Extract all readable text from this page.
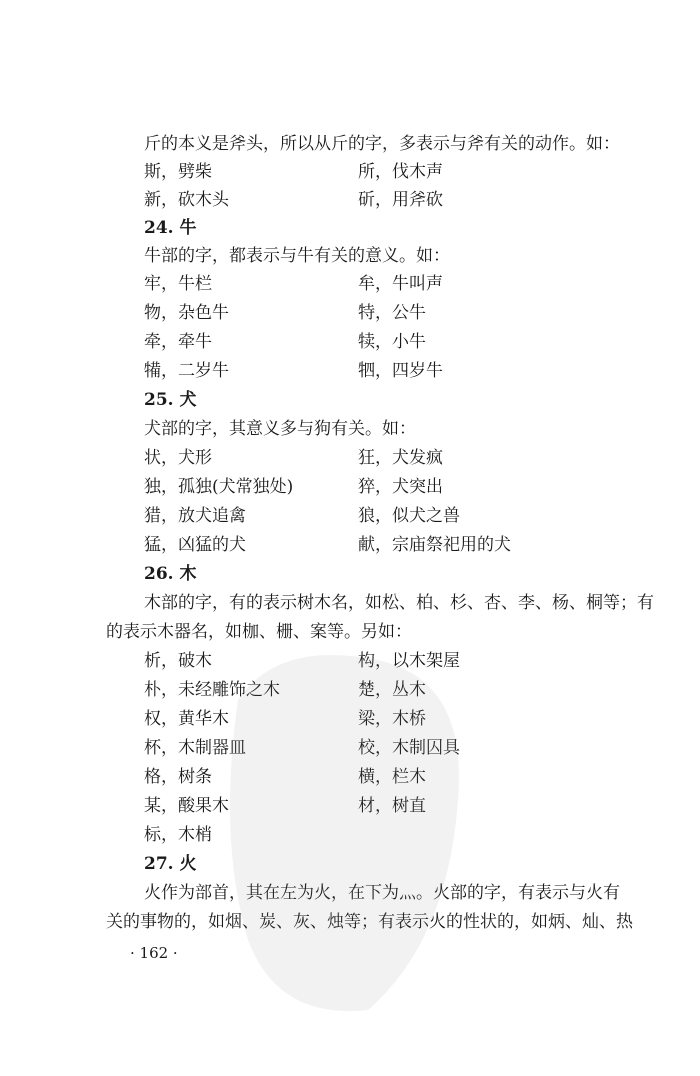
斤的本义是斧头，所以从斤的字，多表示与斧有关的动作。如：
斯，劈柴	所，伐木声
新，砍木头	斫，用斧砍
24. 牛
牛部的字，都表示与牛有关的意义。如：
牢，牛栏	牟，牛叫声
物，杂色牛	特，公牛
牵，牵牛	犊，小牛
犕，二岁牛	牭，四岁牛
25. 犬
犬部的字，其意义多与狗有关。如：
状，犬形	狂，犬发疯
独，孤独(犬常独处)	猝，犬突出
猎，放犬追禽	狼，似犬之兽
猛，凶猛的犬	献，宗庙祭祀用的犬
26. 木
木部的字，有的表示树木名，如松、柏、杉、杏、李、杨、桐等；有
的表示木器名，如枷、栅、案等。另如：
析，破木	构，以木架屋
朴，未经雕饰之木	楚，丛木
权，黄华木	梁，木桥
杯，木制器皿	校，木制囚具
格，树条	横，栏木
某，酸果木	材，树直
标，木梢
27. 火
火作为部首，其在左为火，在下为灬。火部的字，有表示与火有
关的事物的，如烟、炭、灰、烛等；有表示火的性状的，如炳、灿、热
· 162 ·
